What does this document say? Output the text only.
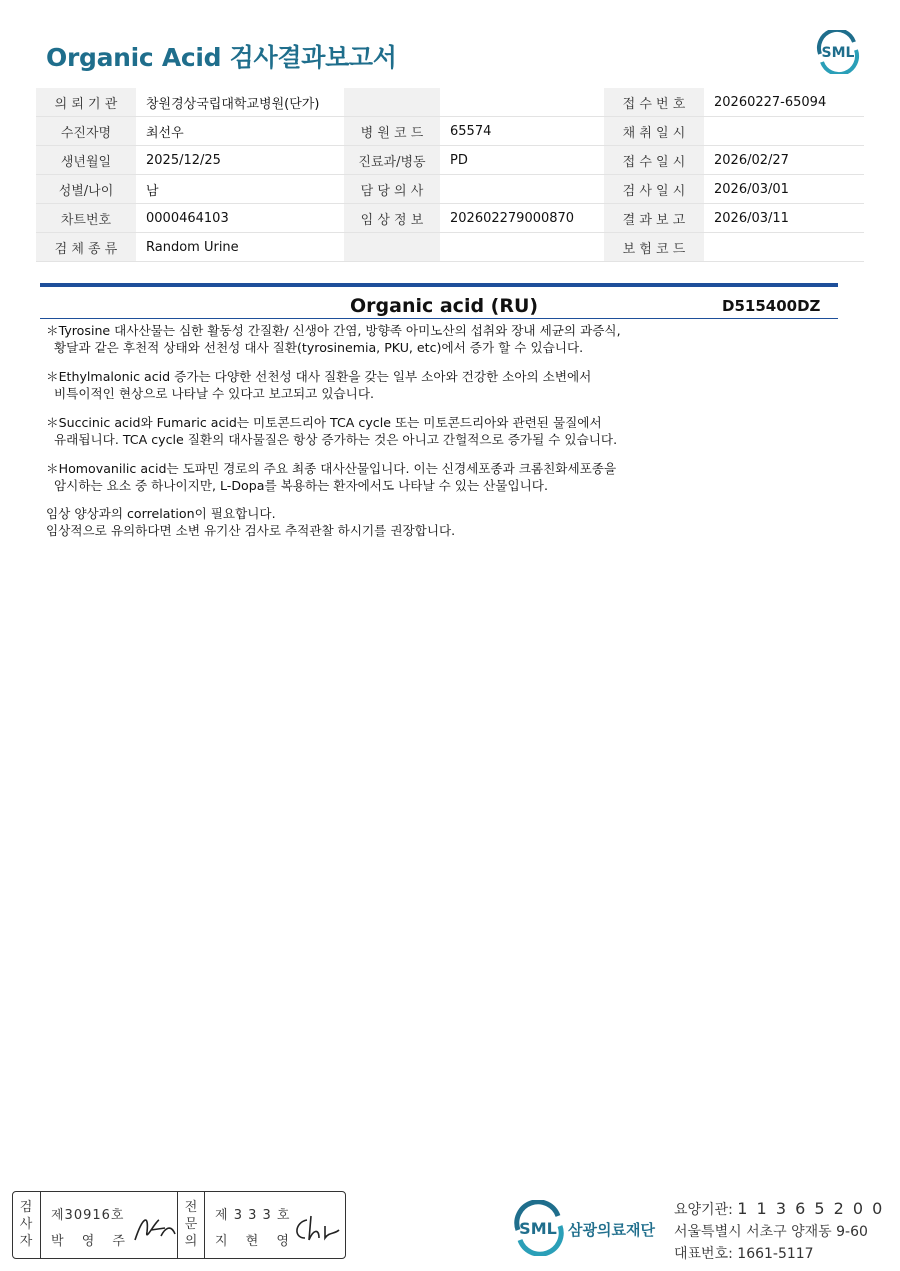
Organic Acid 검사결과보고서	SML
의 뢰 기 관	창원경상국립대학교병원(단가)			접 수 번 호	20260227-65094
수진자명	최선우	병 원 코 드	65574	채 취 일 시	
생년월일	2025/12/25	진료과/병동	PD	접 수 일 시	2026/02/27
성별/나이	남	담 당 의 사		검 사 일 시	2026/03/01
차트번호	0000464103	임 상 정 보	202602279000870	결 과 보 고	2026/03/11
검 체 종 류	Random Urine			보 험 코 드	
Organic acid (RU)	D515400DZ
＊Tyrosine 대사산물는 심한 활동성 간질환/ 신생아 간염, 방향족 아미노산의 섭취와 장내 세균의 과증식,
황달과 같은 후천적 상태와 선천성 대사 질환(tyrosinemia, PKU, etc)에서 증가 할 수 있습니다.
＊Ethylmalonic acid 증가는 다양한 선천성 대사 질환을 갖는 일부 소아와 건강한 소아의 소변에서
비특이적인 현상으로 나타날 수 있다고 보고되고 있습니다.
＊Succinic acid와 Fumaric acid는 미토콘드리아 TCA cycle 또는 미토콘드리아와 관련된 물질에서
유래됩니다. TCA cycle 질환의 대사물질은 항상 증가하는 것은 아니고 간헐적으로 증가될 수 있습니다.
＊Homovanilic acid는 도파민 경로의 주요 최종 대사산물입니다. 이는 신경세포종과 크롬친화세포종을
암시하는 요소 중 하나이지만, L-Dopa를 복용하는 환자에서도 나타날 수 있는 산물입니다.
임상 양상과의 correlation이 필요합니다.
임상적으로 유의하다면 소변 유기산 검사로 추적관찰 하시기를 권장합니다.
검
사
자
제30916호
박 영 주
전
문
의
제 3 3 3 호
지 현 영
SML 삼광의료재단
요양기관: 1 1 3 6 5 2 0 0
서울특별시 서초구 양재동 9-60
대표번호: 1661-5117
